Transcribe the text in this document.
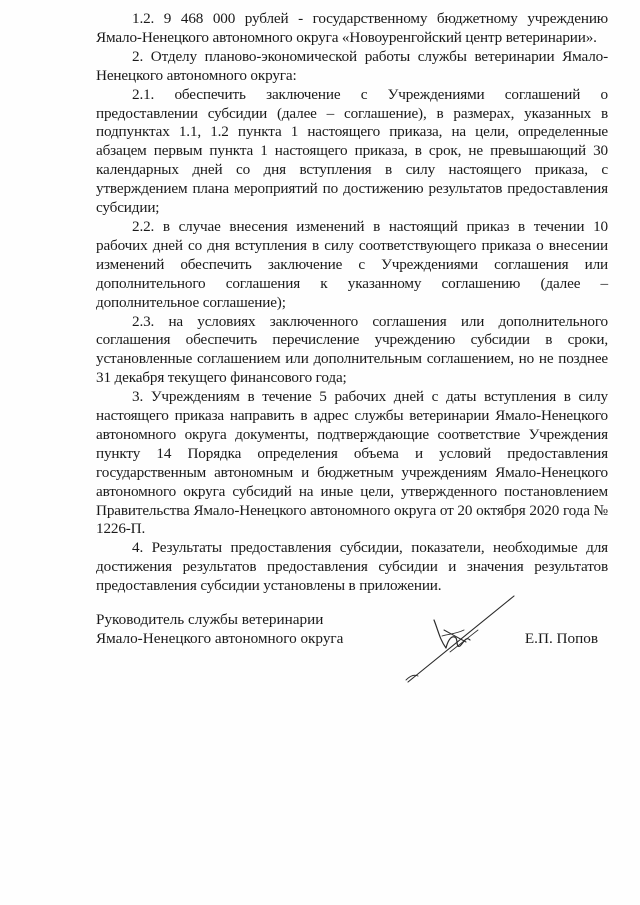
1.2. 9 468 000 рублей - государственному бюджетному учреждению Ямало-Ненецкого автономного округа «Новоуренгойский центр ветеринарии».

2. Отделу планово-экономической работы службы ветеринарии Ямало-Ненецкого автономного округа:

2.1. обеспечить заключение с Учреждениями соглашений о предоставлении субсидии (далее – соглашение), в размерах, указанных в подпунктах 1.1, 1.2 пункта 1 настоящего приказа, на цели, определенные абзацем первым пункта 1 настоящего приказа, в срок, не превышающий 30 календарных дней со дня вступления в силу настоящего приказа, с утверждением плана мероприятий по достижению результатов предоставления субсидии;

2.2. в случае внесения изменений в настоящий приказ в течении 10 рабочих дней со дня вступления в силу соответствующего приказа о внесении изменений обеспечить заключение с Учреждениями соглашения или дополнительного соглашения к указанному соглашению (далее – дополнительное соглашение);

2.3. на условиях заключенного соглашения или дополнительного соглашения обеспечить перечисление учреждению субсидии в сроки, установленные соглашением или дополнительным соглашением, но не позднее 31 декабря текущего финансового года;

3. Учреждениям в течение 5 рабочих дней с даты вступления в силу настоящего приказа направить в адрес службы ветеринарии Ямало-Ненецкого автономного округа документы, подтверждающие соответствие Учреждения пункту 14 Порядка определения объема и условий предоставления государственным автономным и бюджетным учреждениям Ямало-Ненецкого автономного округа субсидий на иные цели, утвержденного постановлением Правительства Ямало-Ненецкого автономного округа от 20 октября 2020 года № 1226-П.

4. Результаты предоставления субсидии, показатели, необходимые для достижения результатов предоставления субсидии и значения результатов предоставления субсидии установлены в приложении.

Руководитель службы ветеринарии
Ямало-Ненецкого автономного округа	Е.П. Попов
